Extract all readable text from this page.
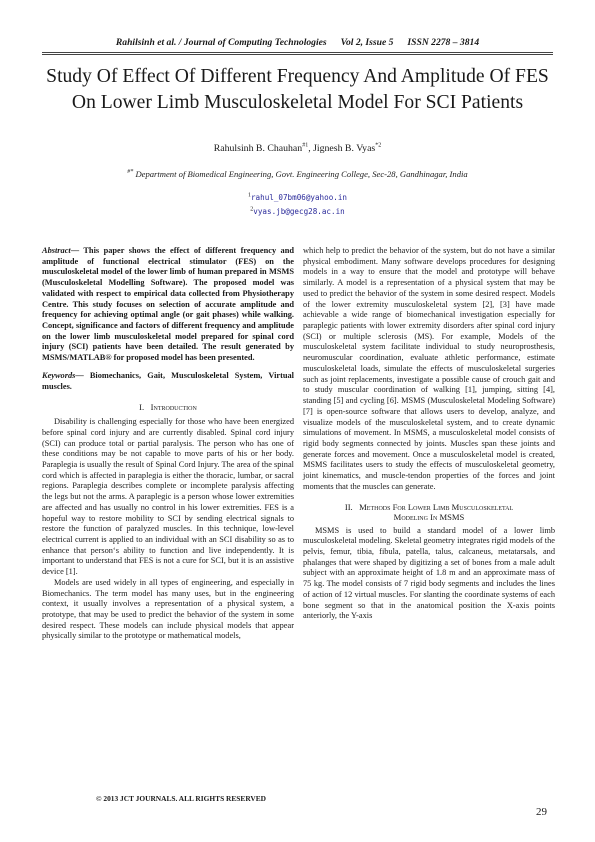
Rahilsinh et al. / Journal of Computing Technologies Vol 2, Issue 5 ISSN 2278 – 3814
Study Of Effect Of Different Frequency And Amplitude Of FES On Lower Limb Musculoskeletal Model For SCI Patients
Rahulsinh B. Chauhan$^{\#1}$, Jignesh B. Vyas$^{*2}$
#* Department of Biomedical Engineering, Govt. Engineering College, Sec-28, Gandhinagar, India
$^1$rahul_07bm06@yahoo.in
$^2$vyas.jb@gecg28.ac.in

Abstract— This paper shows the effect of different frequency and amplitude of functional electrical stimulator (FES) on the musculoskeletal model of the lower limb of human prepared in MSMS (Musculoskeletal Modelling Software). The proposed model was validated with respect to empirical data collected from Physiotherapy Centre. This study focuses on selection of accurate amplitude and frequency for achieving optimal angle (or gait phases) while walking. Concept, significance and factors of different frequency and amplitude on the lower limb musculoskeletal model prepared for spinal cord injury (SCI) patients have been detailed. The result generated by MSMS/MATLAB® for proposed model has been presented.

Keywords— Biomechanics, Gait, Musculoskeletal System, Virtual muscles.

I. Introduction

Disability is challenging especially for those who have been energized before spinal cord injury and are currently disabled. Spinal cord injury (SCI) can produce total or partial paralysis. The person who has one of these conditions may be not capable to move parts of his or her body. Paraplegia is usually the result of Spinal Cord Injury. The area of the spinal cord which is affected in paraplegia is either the thoracic, lumbar, or sacral regions. Paraplegia describes complete or incomplete paralysis affecting the legs but not the arms. A paraplegic is a person whose lower extremities are affected and has usually no control in his lower extremities. FES is a hopeful way to restore mobility to SCI by sending electrical signals to restore the function of paralyzed muscles. In this technique, low-level electrical current is applied to an individual with an SCI disability so as to enhance that person‘s ability to function and live independently. It is important to understand that FES is not a cure for SCI, but it is an assistive device [1].

Models are used widely in all types of engineering, and especially in Biomechanics. The term model has many uses, but in the engineering context, it usually involves a representation of a physical system, a prototype, that may be used to predict the behavior of the system in some desired respect. These models can include physical models that appear physically similar to the prototype or mathematical models,

which help to predict the behavior of the system, but do not have a similar physical embodiment. Many software develops procedures for designing models in a way to ensure that the model and prototype will behave similarly. A model is a representation of a physical system that may be used to predict the behavior of the system in some desired respect. Models of the lower extremity musculoskeletal system [2], [3] have made achievable a wide range of biomechanical investigation especially for paraplegic patients with lower extremity disorders after spinal cord injury (SCI) or multiple sclerosis (MS). For example, Models of the musculoskeletal system facilitate individual to study neuroprosthesis, neuromuscular coordination, evaluate athletic performance, estimate musculoskeletal loads, simulate the effects of musculoskeletal surgeries such as joint replacements, investigate a possible cause of crouch gait and to study muscular coordination of walking [1], jumping, sitting [4], standing [5] and cycling [6]. MSMS (Musculoskeletal Modeling Software) [7] is open-source software that allows users to develop, analyze, and visualize models of the musculoskeletal system, and to create dynamic simulations of movement. In MSMS, a musculoskeletal model consists of rigid body segments connected by joints. Muscles span these joints and generate forces and movement. Once a musculoskeletal model is created, MSMS facilitates users to study the effects of musculoskeletal geometry, joint kinematics, and muscle-tendon properties of the forces and joint moments that the muscles can generate.

II. Methods For Lower Limb Musculoskeletal
Modeling In MSMS

MSMS is used to build a standard model of a lower limb musculoskeletal modeling. Skeletal geometry integrates rigid models of the pelvis, femur, tibia, fibula, patella, talus, calcaneus, metatarsals, and phalanges that were shaped by digitizing a set of bones from a male adult subject with an approximate height of 1.8 m and an approximate mass of 75 kg. The model consists of 7 rigid body segments and includes the lines of action of 12 virtual muscles. For slanting the coordinate systems of each bone segment so that in the anatomical position the X-axis points anteriorly, the Y-axis

© 2013 JCT JOURNALS. ALL RIGHTS RESERVED
29
